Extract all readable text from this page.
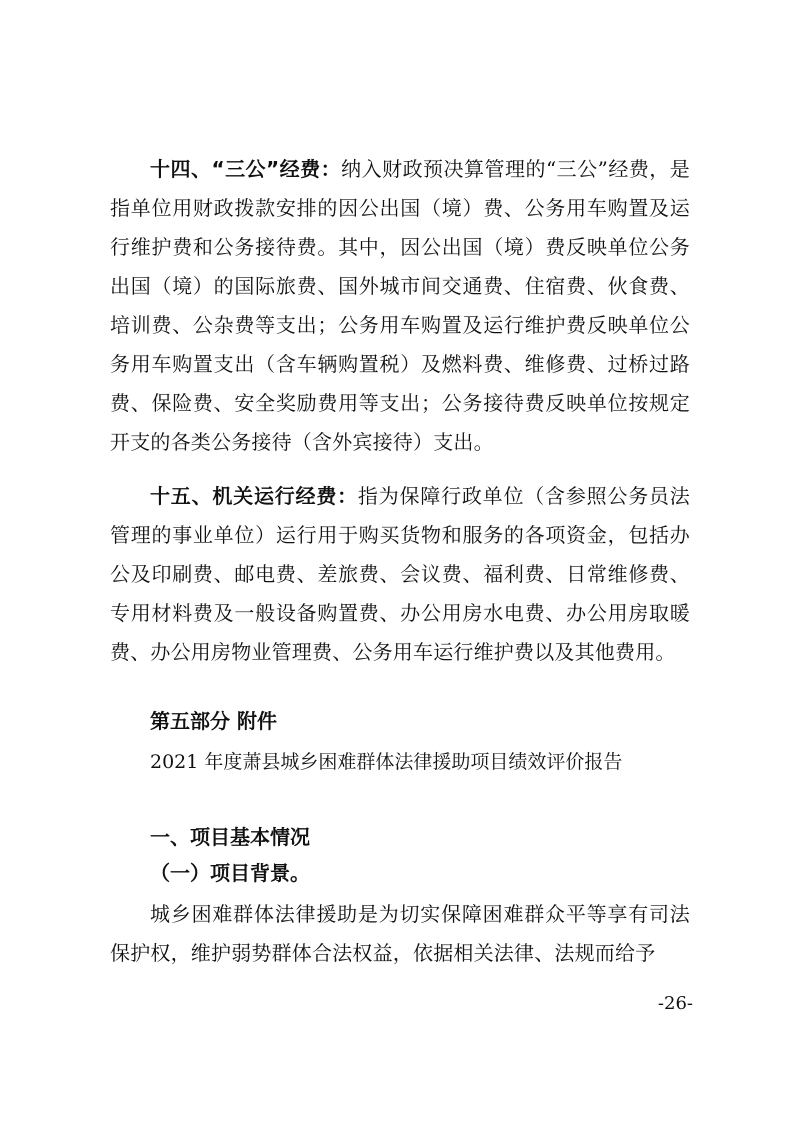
十四、“三公”经费：纳入财政预决算管理的“三公”经费，是指单位用财政拨款安排的因公出国（境）费、公务用车购置及运行维护费和公务接待费。其中，因公出国（境）费反映单位公务出国（境）的国际旅费、国外城市间交通费、住宿费、伙食费、培训费、公杂费等支出；公务用车购置及运行维护费反映单位公务用车购置支出（含车辆购置税）及燃料费、维修费、过桥过路费、保险费、安全奖励费用等支出；公务接待费反映单位按规定开支的各类公务接待（含外宾接待）支出。

十五、机关运行经费：指为保障行政单位（含参照公务员法管理的事业单位）运行用于购买货物和服务的各项资金，包括办公及印刷费、邮电费、差旅费、会议费、福利费、日常维修费、专用材料费及一般设备购置费、办公用房水电费、办公用房取暖费、办公用房物业管理费、公务用车运行维护费以及其他费用。

第五部分 附件

2021 年度萧县城乡困难群体法律援助项目绩效评价报告

一、项目基本情况

（一）项目背景。

城乡困难群体法律援助是为切实保障困难群众平等享有司法保护权，维护弱势群体合法权益，依据相关法律、法规而给予

-26-
